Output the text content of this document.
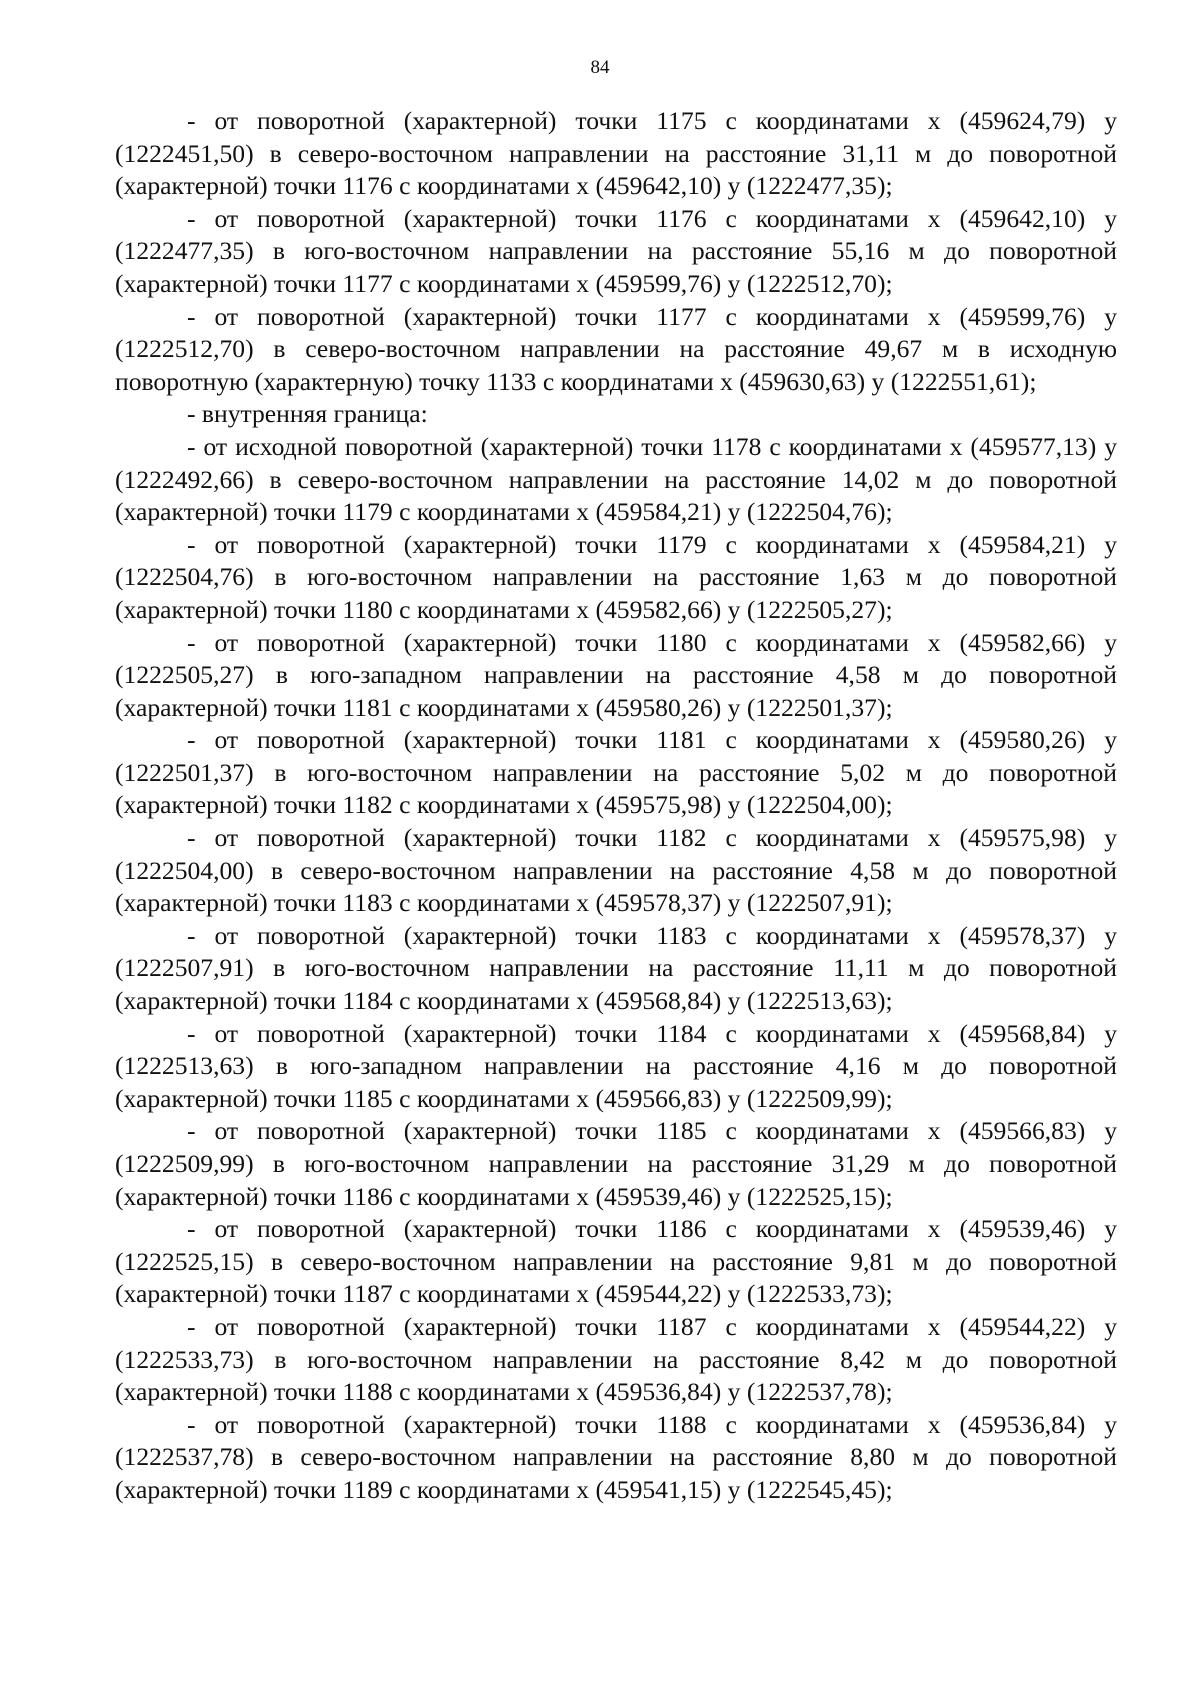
84

- от поворотной (характерной) точки 1175 с координатами x (459624,79) y (1222451,50) в северо-восточном направлении на расстояние 31,11 м до поворотной (характерной) точки 1176 с координатами x (459642,10) y (1222477,35);

- от поворотной (характерной) точки 1176 с координатами x (459642,10) y (1222477,35) в юго-восточном направлении на расстояние 55,16 м до поворотной (характерной) точки 1177 с координатами x (459599,76) y (1222512,70);

- от поворотной (характерной) точки 1177 с координатами x (459599,76) y (1222512,70) в северо-восточном направлении на расстояние 49,67 м в исходную поворотную (характерную) точку 1133 с координатами x (459630,63) y (1222551,61);

- внутренняя граница:

- от исходной поворотной (характерной) точки 1178 с координатами x (459577,13) y (1222492,66) в северо-восточном направлении на расстояние 14,02 м до поворотной (характерной) точки 1179 с координатами x (459584,21) y (1222504,76);

- от поворотной (характерной) точки 1179 с координатами x (459584,21) y (1222504,76) в юго-восточном направлении на расстояние 1,63 м до поворотной (характерной) точки 1180 с координатами x (459582,66) y (1222505,27);

- от поворотной (характерной) точки 1180 с координатами x (459582,66) y (1222505,27) в юго-западном направлении на расстояние 4,58 м до поворотной (характерной) точки 1181 с координатами x (459580,26) y (1222501,37);

- от поворотной (характерной) точки 1181 с координатами x (459580,26) y (1222501,37) в юго-восточном направлении на расстояние 5,02 м до поворотной (характерной) точки 1182 с координатами x (459575,98) y (1222504,00);

- от поворотной (характерной) точки 1182 с координатами x (459575,98) y (1222504,00) в северо-восточном направлении на расстояние 4,58 м до поворотной (характерной) точки 1183 с координатами x (459578,37) y (1222507,91);

- от поворотной (характерной) точки 1183 с координатами x (459578,37) y (1222507,91) в юго-восточном направлении на расстояние 11,11 м до поворотной (характерной) точки 1184 с координатами x (459568,84) y (1222513,63);

- от поворотной (характерной) точки 1184 с координатами x (459568,84) y (1222513,63) в юго-западном направлении на расстояние 4,16 м до поворотной (характерной) точки 1185 с координатами x (459566,83) y (1222509,99);

- от поворотной (характерной) точки 1185 с координатами x (459566,83) y (1222509,99) в юго-восточном направлении на расстояние 31,29 м до поворотной (характерной) точки 1186 с координатами x (459539,46) y (1222525,15);

- от поворотной (характерной) точки 1186 с координатами x (459539,46) y (1222525,15) в северо-восточном направлении на расстояние 9,81 м до поворотной (характерной) точки 1187 с координатами x (459544,22) y (1222533,73);

- от поворотной (характерной) точки 1187 с координатами x (459544,22) y (1222533,73) в юго-восточном направлении на расстояние 8,42 м до поворотной (характерной) точки 1188 с координатами x (459536,84) y (1222537,78);

- от поворотной (характерной) точки 1188 с координатами x (459536,84) y (1222537,78) в северо-восточном направлении на расстояние 8,80 м до поворотной (характерной) точки 1189 с координатами x (459541,15) y (1222545,45);
